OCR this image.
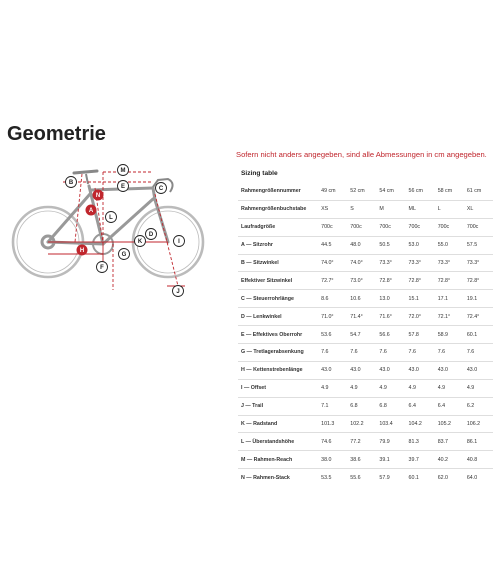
Geometrie
Sofern nicht anders angegeben, sind alle Abmessungen in cm angegeben.
Sizing table
M
B
E	C
A
N
L
K
D
I
H
G
F
J
Rahmengrößennummer	49 cm	52 cm	54 cm	56 cm	58 cm	61 cm
Rahmengrößenbuchstabe	XS	S	M	ML	L	XL
Laufradgröße	700c	700c	700c	700c	700c	700c
A — Sitzrohr	44.5	48.0	50.5	53.0	55.0	57.5
B — Sitzwinkel	74.0°	74.0°	73.3°	73.3°	73.3°	73.3°
Effektiver Sitzwinkel	72.7°	73.0°	72.8°	72.8°	72.8°	72.8°
C — Steuerrohrlänge	8.6	10.6	13.0	15.1	17.1	19.1
D — Lenkwinkel	71.0°	71.4°	71.6°	72.0°	72.1°	72.4°
E — Effektives Oberrohr	53.6	54.7	56.6	57.8	58.9	60.1
G — Tretlagerabsenkung	7.6	7.6	7.6	7.6	7.6	7.6
H — Kettenstrebenlänge	43.0	43.0	43.0	43.0	43.0	43.0
I — Offset	4.9	4.9	4.9	4.9	4.9	4.9
J — Trail	7.1	6.8	6.8	6.4	6.4	6.2
K — Radstand	101.3	102.2	103.4	104.2	105.2	106.2
L — Überstandshöhe	74.6	77.2	79.9	81.3	83.7	86.1
M — Rahmen-Reach	38.0	38.6	39.1	39.7	40.2	40.8
N — Rahmen-Stack	53.5	55.6	57.9	60.1	62.0	64.0
